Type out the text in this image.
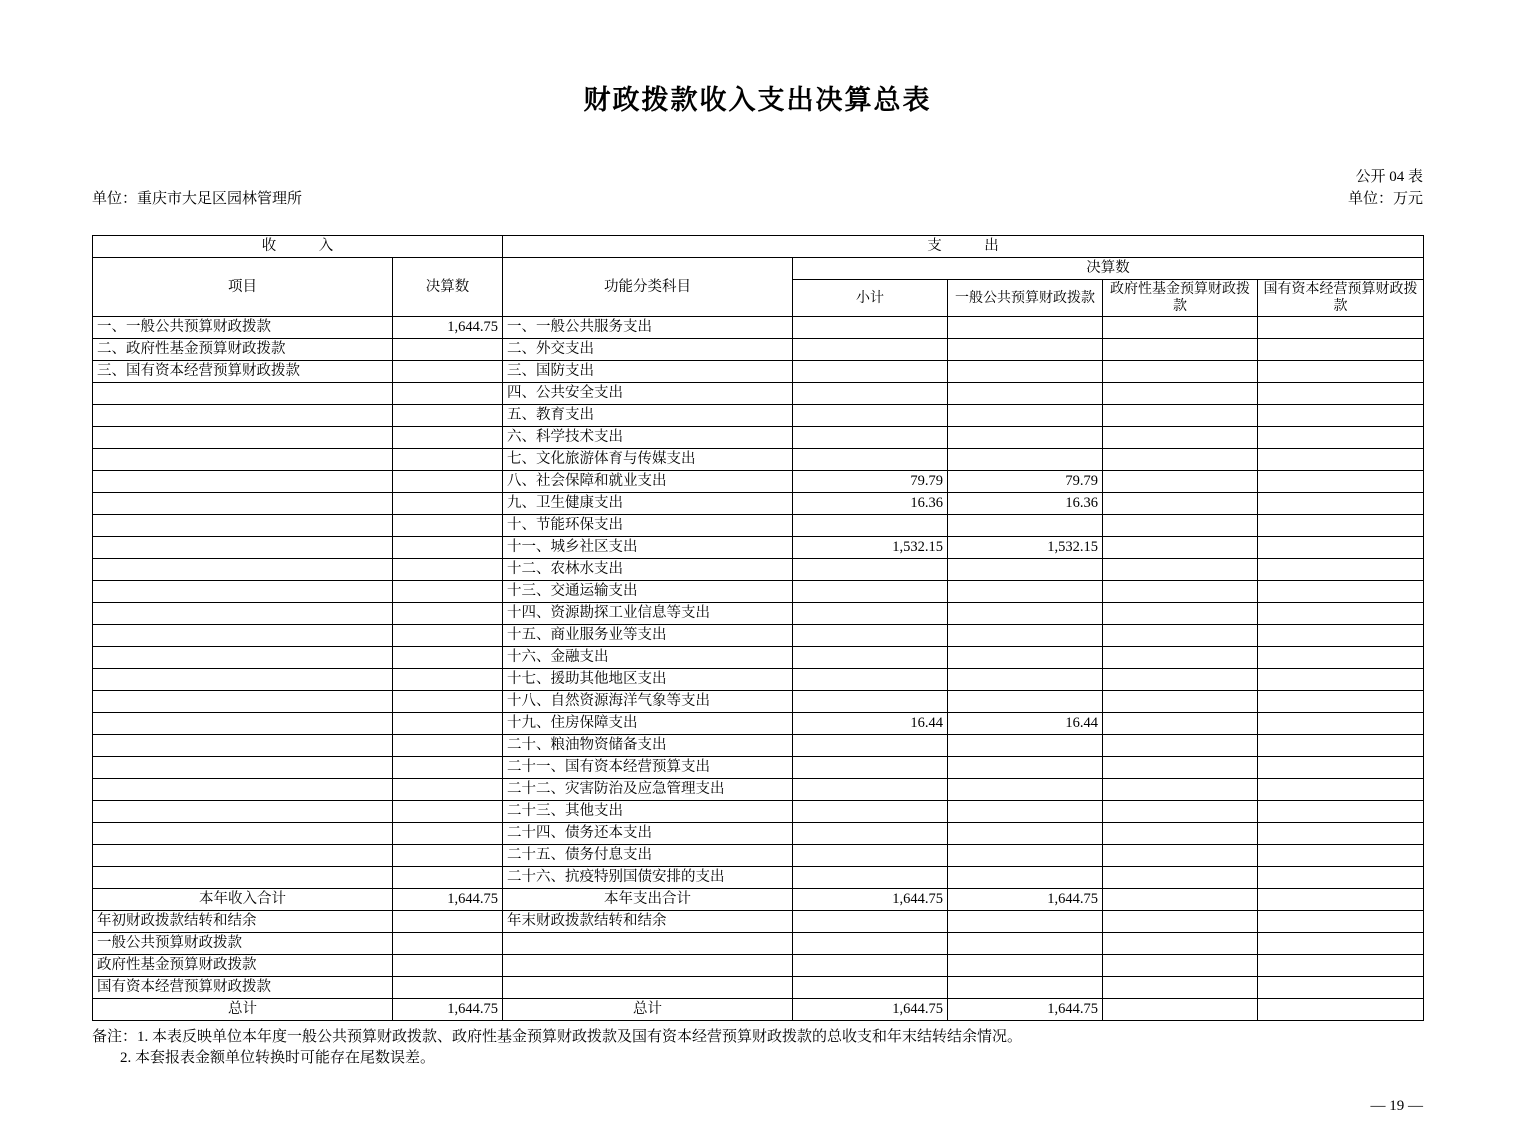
财政拨款收入支出决算总表
公开 04 表
单位：重庆市大足区园林管理所	单位：万元
收　入		支　出				
项目	决算数	功能分类科目	决算数			
			小计	一般公共预算财政拨款	政府性基金预算财政拨款	国有资本经营预算财政拨款
一、一般公共预算财政拨款	1,644.75	一、一般公共服务支出				
二、政府性基金预算财政拨款		二、外交支出				
三、国有资本经营预算财政拨款		三、国防支出				
		四、公共安全支出				
		五、教育支出				
		六、科学技术支出				
		七、文化旅游体育与传媒支出				
		八、社会保障和就业支出	79.79	79.79		
		九、卫生健康支出	16.36	16.36		
		十、节能环保支出				
		十一、城乡社区支出	1,532.15	1,532.15		
		十二、农林水支出				
		十三、交通运输支出				
		十四、资源勘探工业信息等支出				
		十五、商业服务业等支出				
		十六、金融支出				
		十七、援助其他地区支出				
		十八、自然资源海洋气象等支出				
		十九、住房保障支出	16.44	16.44		
		二十、粮油物资储备支出				
		二十一、国有资本经营预算支出				
		二十二、灾害防治及应急管理支出				
		二十三、其他支出				
		二十四、债务还本支出				
		二十五、债务付息支出				
		二十六、抗疫特别国债安排的支出				
本年收入合计	1,644.75	本年支出合计	1,644.75	1,644.75		
年初财政拨款结转和结余		年末财政拨款结转和结余				
一般公共预算财政拨款						
政府性基金预算财政拨款						
国有资本经营预算财政拨款						
总计	1,644.75	总计	1,644.75	1,644.75		
备注：1. 本表反映单位本年度一般公共预算财政拨款、政府性基金预算财政拨款及国有资本经营预算财政拨款的总收支和年末结转结余情况。
2. 本套报表金额单位转换时可能存在尾数误差。
— 19 —
